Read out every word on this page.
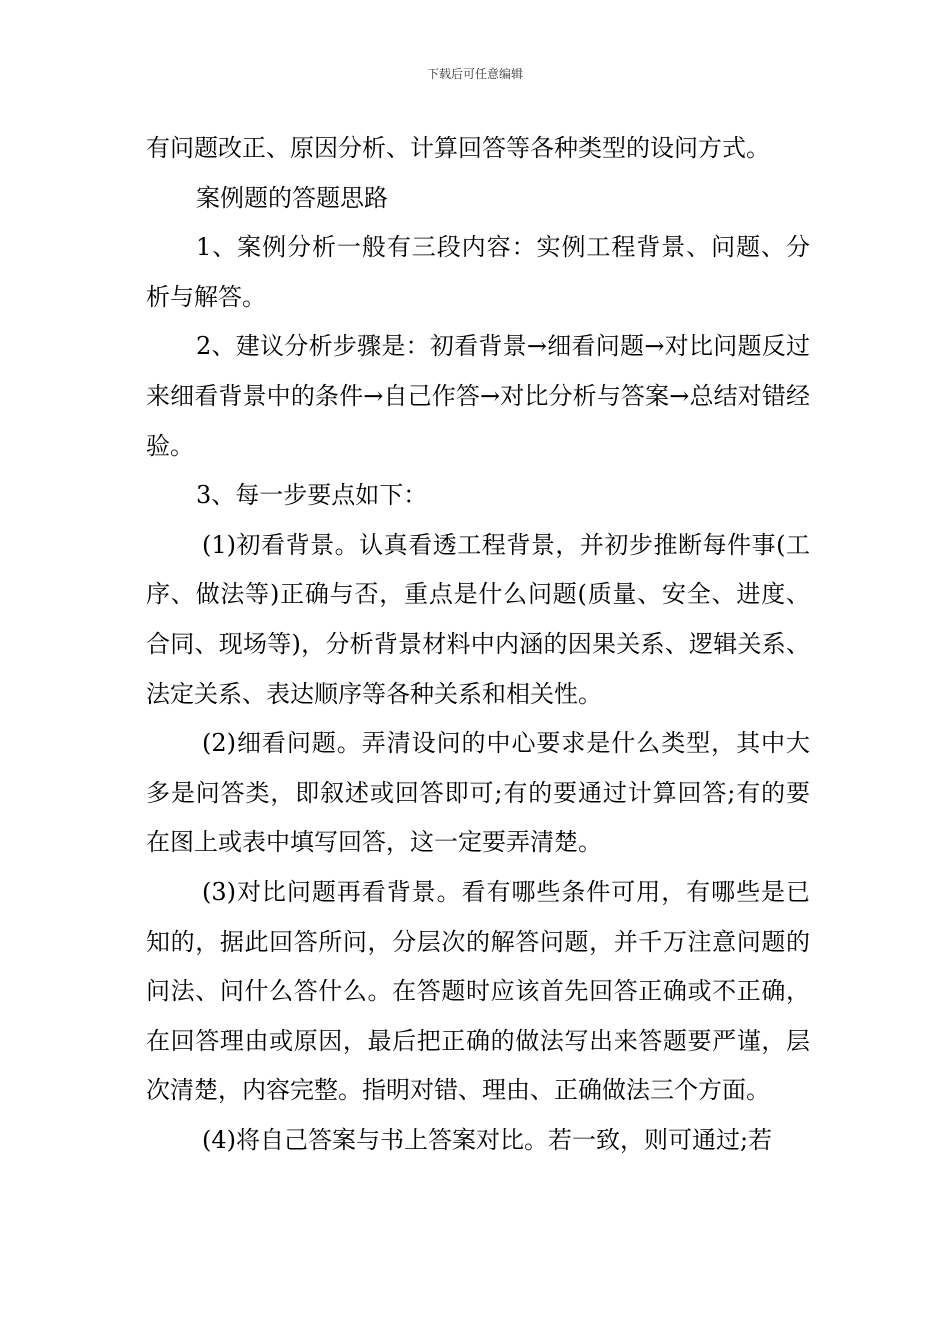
下载后可任意编辑

有问题改正、原因分析、计算回答等各种类型的设问方式。

案例题的答题思路

1、案例分析一般有三段内容：实例工程背景、问题、分析与解答。

2、建议分析步骤是：初看背景→细看问题→对比问题反过来细看背景中的条件→自己作答→对比分析与答案→总结对错经验。

3、每一步要点如下：

(1)初看背景。认真看透工程背景，并初步推断每件事(工序、做法等)正确与否，重点是什么问题(质量、安全、进度、合同、现场等)，分析背景材料中内涵的因果关系、逻辑关系、法定关系、表达顺序等各种关系和相关性。

(2)细看问题。弄清设问的中心要求是什么类型，其中大多是问答类，即叙述或回答即可;有的要通过计算回答;有的要在图上或表中填写回答，这一定要弄清楚。

(3)对比问题再看背景。看有哪些条件可用，有哪些是已知的，据此回答所问，分层次的解答问题，并千万注意问题的问法、问什么答什么。在答题时应该首先回答正确或不正确，在回答理由或原因，最后把正确的做法写出来答题要严谨，层次清楚，内容完整。指明对错、理由、正确做法三个方面。

(4)将自己答案与书上答案对比。若一致，则可通过;若
